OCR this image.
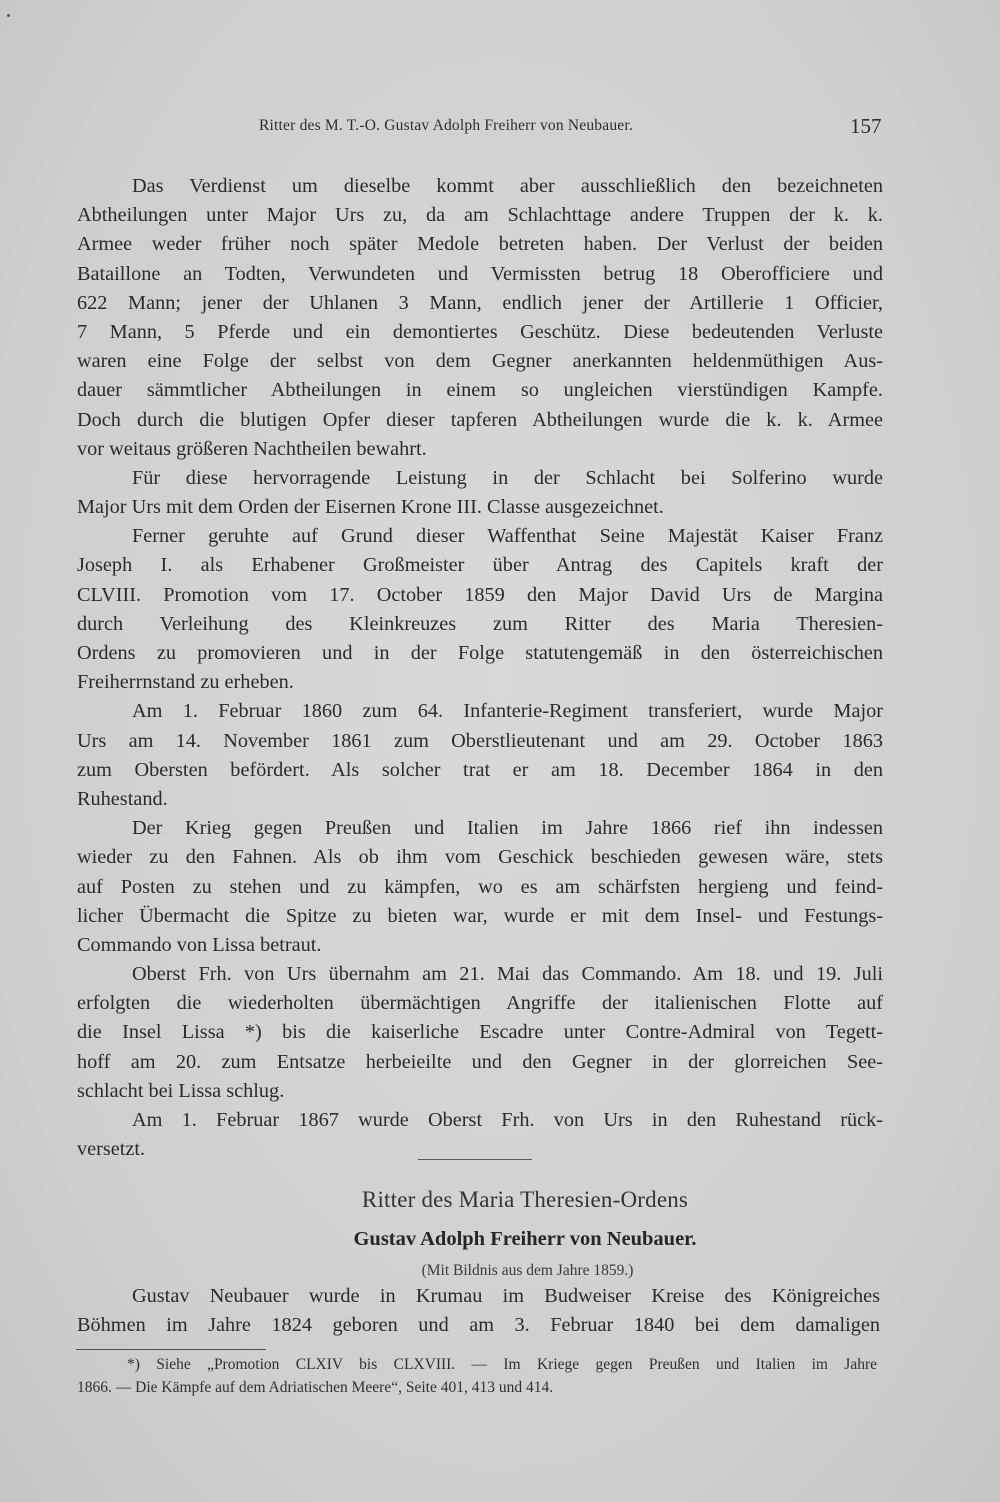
Ritter des M. T.-O. Gustav Adolph Freiherr von Neubauer.	157
Das Verdienst um dieselbe kommt aber ausschließlich den bezeichneten
Abtheilungen unter Major Urs zu, da am Schlachttage andere Truppen der k. k.
Armee weder früher noch später Medole betreten haben. Der Verlust der beiden
Bataillone an Todten, Verwundeten und Vermissten betrug 18 Oberofficiere und
622 Mann; jener der Uhlanen 3 Mann, endlich jener der Artillerie 1 Officier,
7 Mann, 5 Pferde und ein demontiertes Geschütz. Diese bedeutenden Verluste
waren eine Folge der selbst von dem Gegner anerkannten heldenmüthigen Aus-
dauer sämmtlicher Abtheilungen in einem so ungleichen vierstündigen Kampfe.
Doch durch die blutigen Opfer dieser tapferen Abtheilungen wurde die k. k. Armee
vor weitaus größeren Nachtheilen bewahrt.
Für diese hervorragende Leistung in der Schlacht bei Solferino wurde
Major Urs mit dem Orden der Eisernen Krone III. Classe ausgezeichnet.
Ferner geruhte auf Grund dieser Waffenthat Seine Majestät Kaiser Franz
Joseph I. als Erhabener Großmeister über Antrag des Capitels kraft der
CLVIII. Promotion vom 17. October 1859 den Major David Urs de Margina
durch Verleihung des Kleinkreuzes zum Ritter des Maria Theresien-
Ordens zu promovieren und in der Folge statutengemäß in den österreichischen
Freiherrnstand zu erheben.
Am 1. Februar 1860 zum 64. Infanterie-Regiment transferiert, wurde Major
Urs am 14. November 1861 zum Oberstlieutenant und am 29. October 1863
zum Obersten befördert. Als solcher trat er am 18. December 1864 in den
Ruhestand.
Der Krieg gegen Preußen und Italien im Jahre 1866 rief ihn indessen
wieder zu den Fahnen. Als ob ihm vom Geschick beschieden gewesen wäre, stets
auf Posten zu stehen und zu kämpfen, wo es am schärfsten hergieng und feind-
licher Übermacht die Spitze zu bieten war, wurde er mit dem Insel- und Festungs-
Commando von Lissa betraut.
Oberst Frh. von Urs übernahm am 21. Mai das Commando. Am 18. und 19. Juli
erfolgten die wiederholten übermächtigen Angriffe der italienischen Flotte auf
die Insel Lissa *) bis die kaiserliche Escadre unter Contre-Admiral von Tegett-
hoff am 20. zum Entsatze herbeieilte und den Gegner in der glorreichen See-
schlacht bei Lissa schlug.
Am 1. Februar 1867 wurde Oberst Frh. von Urs in den Ruhestand rück-
versetzt.
Ritter des Maria Theresien-Ordens
Gustav Adolph Freiherr von Neubauer.
(Mit Bildnis aus dem Jahre 1859.)
Gustav Neubauer wurde in Krumau im Budweiser Kreise des Königreiches
Böhmen im Jahre 1824 geboren und am 3. Februar 1840 bei dem damaligen
*) Siehe „Promotion CLXIV bis CLXVIII. — Im Kriege gegen Preußen und Italien im Jahre
1866. — Die Kämpfe auf dem Adriatischen Meere“, Seite 401, 413 und 414.
